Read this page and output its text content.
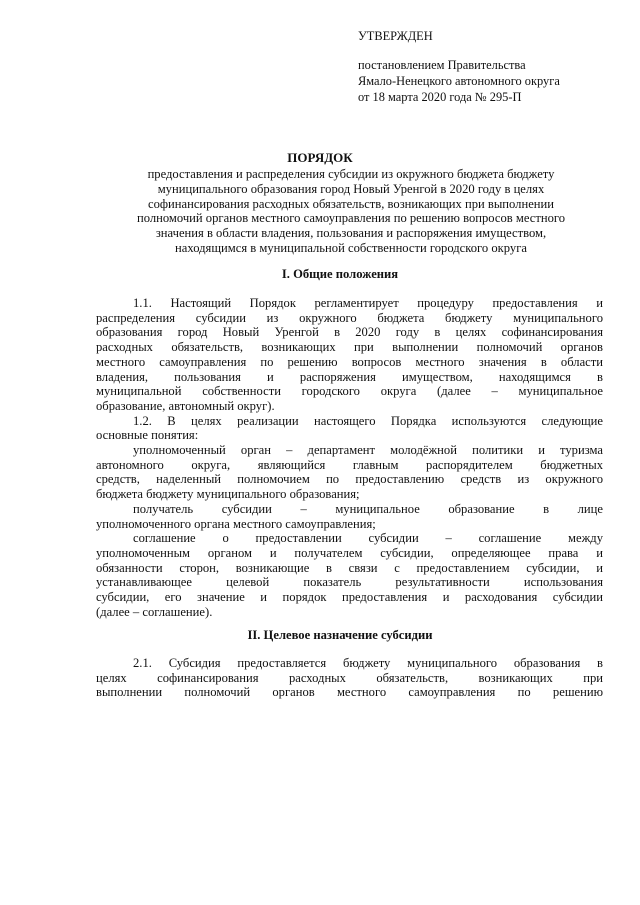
УТВЕРЖДЕН
постановлением Правительства
Ямало-Ненецкого автономного округа
от 18 марта 2020 года № 295-П
ПОРЯДОК
предоставления и распределения субсидии из окружного бюджета бюджету
муниципального образования город Новый Уренгой в 2020 году в целях
софинансирования расходных обязательств, возникающих при выполнении
полномочий органов местного самоуправления по решению вопросов местного
значения в области владения, пользования и распоряжения имуществом,
находящимся в муниципальной собственности городского округа
I. Общие положения
1.1. Настоящий Порядок регламентирует процедуру предоставления и
распределения субсидии из окружного бюджета бюджету муниципального
образования город Новый Уренгой в 2020 году в целях софинансирования
расходных обязательств, возникающих при выполнении полномочий органов
местного самоуправления по решению вопросов местного значения в области
владения, пользования и распоряжения имуществом, находящимся в
муниципальной собственности городского округа (далее – муниципальное
образование, автономный округ).
1.2. В целях реализации настоящего Порядка используются следующие
основные понятия:
уполномоченный орган – департамент молодёжной политики и туризма
автономного округа, являющийся главным распорядителем бюджетных
средств, наделенный полномочием по предоставлению средств из окружного
бюджета бюджету муниципального образования;
получатель субсидии – муниципальное образование в лице
уполномоченного органа местного самоуправления;
соглашение о предоставлении субсидии – соглашение между
уполномоченным органом и получателем субсидии, определяющее права и
обязанности сторон, возникающие в связи с предоставлением субсидии, и
устанавливающее целевой показатель результативности использования
субсидии, его значение и порядок предоставления и расходования субсидии
(далее – соглашение).
II. Целевое назначение субсидии
2.1. Субсидия предоставляется бюджету муниципального образования в
целях софинансирования расходных обязательств, возникающих при
выполнении полномочий органов местного самоуправления по решению
